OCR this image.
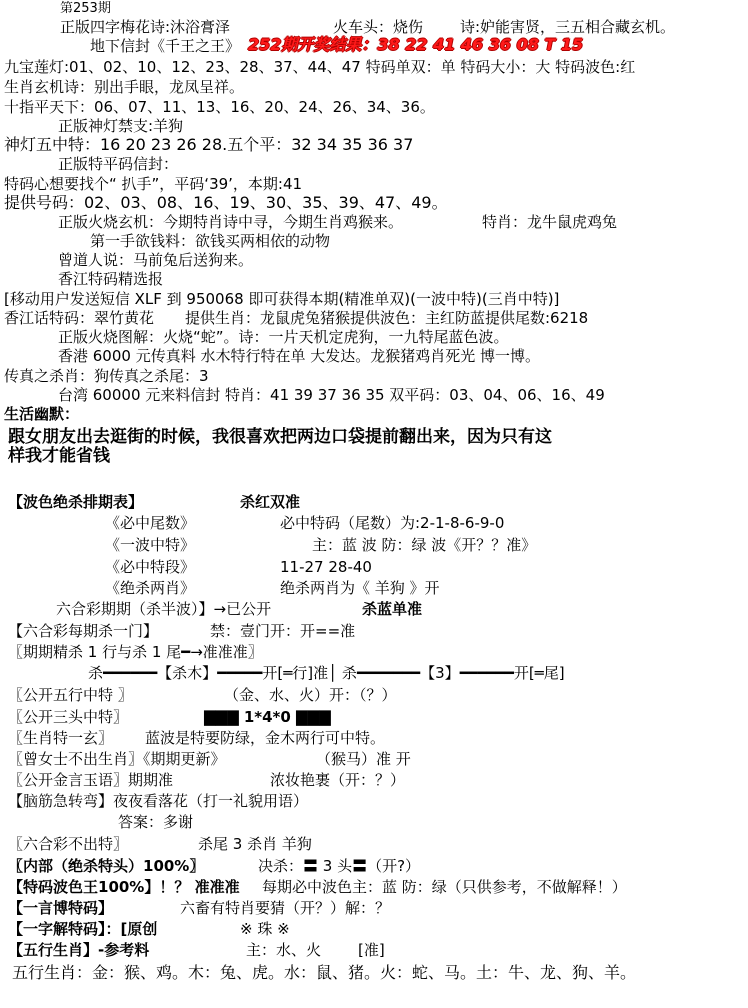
第253期
正版四字梅花诗:沐浴膏泽	火车头：烧伤 诗:妒能害贤，三五相合藏玄机。
地下信封《千王之王》 252期开奖结果：38 22 41 46 36 08 T 15
九宝莲灯:01、02、10、12、23、28、37、44、47 特码单双：单 特码大小：大 特码波色:红
生肖玄机诗：别出手眼，龙凤呈祥。
十指平天下：06、07、11、13、16、20、24、26、34、36。
正版神灯禁支:羊狗
神灯五中特：16 20 23 26 28.五个平：32 34 35 36 37
正版特平码信封：
特码心想要找个“ 扒手”，平码‘39’，本期:41
提供号码：02、03、08、16、19、30、35、39、47、49。
正版火烧玄机：今期特肖诗中寻，今期生肖鸡猴来。	特肖：龙牛鼠虎鸡兔
第一手欲钱料：欲钱买两相依的动物
曾道人说：马前兔后送狗来。
香江特码精选报
[移动用户发送短信 XLF 到 950068 即可获得本期(精准单双)(一波中特)(三肖中特)]
香江话特码：翠竹黄花 提供生肖：龙鼠虎兔猪猴提供波色：主红防蓝提供尾数:6218
正版火烧图解：火烧“蛇”。诗：一片天机定虎狗，一九特尾蓝色波。
香港 6000 元传真料 水木特行特在单 大发达。龙猴猪鸡肖死光 博一博。
传真之杀肖：狗传真之杀尾：3
台湾 60000 元来料信封 特肖：41 39 37 36 35 双平码：03、04、06、16、49
生活幽默：
跟女朋友出去逛街的时候，我很喜欢把两边口袋提前翻出来，因为只有这
样我才能省钱
【波色绝杀排期表】	杀红双准
《必中尾数》	必中特码（尾数）为:2-1-8-6-9-0
《一波中特》	主：蓝 波 防：绿 波《开？？准》
《必中特段》	11-27 28-40
《绝杀两肖》	绝杀两肖为《 羊狗 》开
六合彩期期（杀半波）】→已公开	杀蓝单准
【六合彩每期杀一门】	禁：壹门开：开==准
〖期期精杀 1 行与杀 1 尾━→准准准〗
杀━━━━━━【杀木】━━━━━开[═行]准│ 杀━━━━━━━【3】━━━━━━开[═尾]
〖公开五行中特 〗	（金、水、火）开：（？）
〖公开三头中特〗	▇▇▇ 1*4*0 ▇▇▇
〖生肖特一玄〗 蓝波是特要防绿，金木两行可中特。
〖曾女士不出生肖〗《期期更新》	（猴马）准 开
〖公开金言玉语〗期期准	浓妆艳裹（开：？）
【脑筋急转弯】夜夜看落花（打一礼貌用语）
答案：多谢
〖六合彩不出特〗	杀尾 3 杀肖 羊狗
〖内部（绝杀特头）100%〗	决杀：〓 3 头〓（开?）
【特码波色王100%】！？ 准准准 每期必中波色主：蓝 防：绿（只供参考，不做解释！）
【一言博特码】	六畜有特肖要猜（开？）解：？
【一字解特码】：[原创	※ 珠 ※
【五行生肖】-参考料	主：水、火 [准]
五行生肖：金：猴、鸡。木：兔、虎。水：鼠、猪。火：蛇、马。土：牛、龙、狗、羊。
